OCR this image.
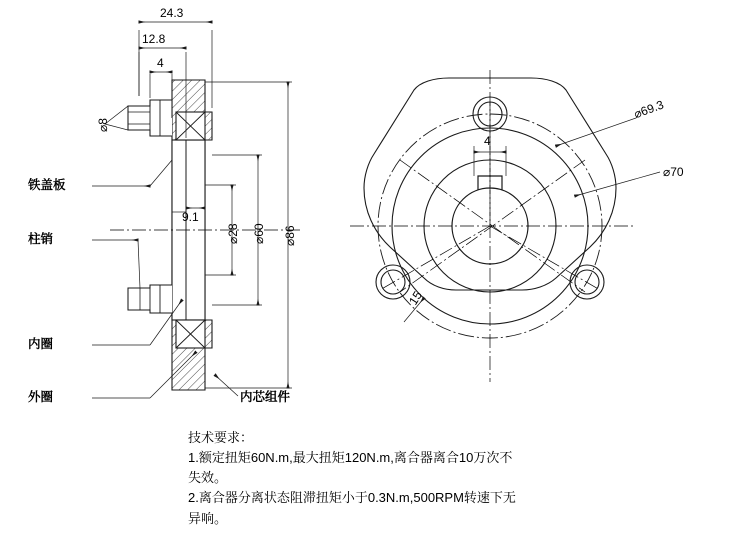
24.3
12.8
4
⌀8
9.1
⌀28 ⌀60 ⌀86
⌀69.3
⌀70
4
15
铁盖板
柱销
内圈
外圈	内芯组件
技术要求：
1.额定扭矩60N.m,最大扭矩120N.m,离合器离合10万次不
失效。
2.离合器分离状态阻滞扭矩小于0.3N.m,500RPM转速下无
异响。
